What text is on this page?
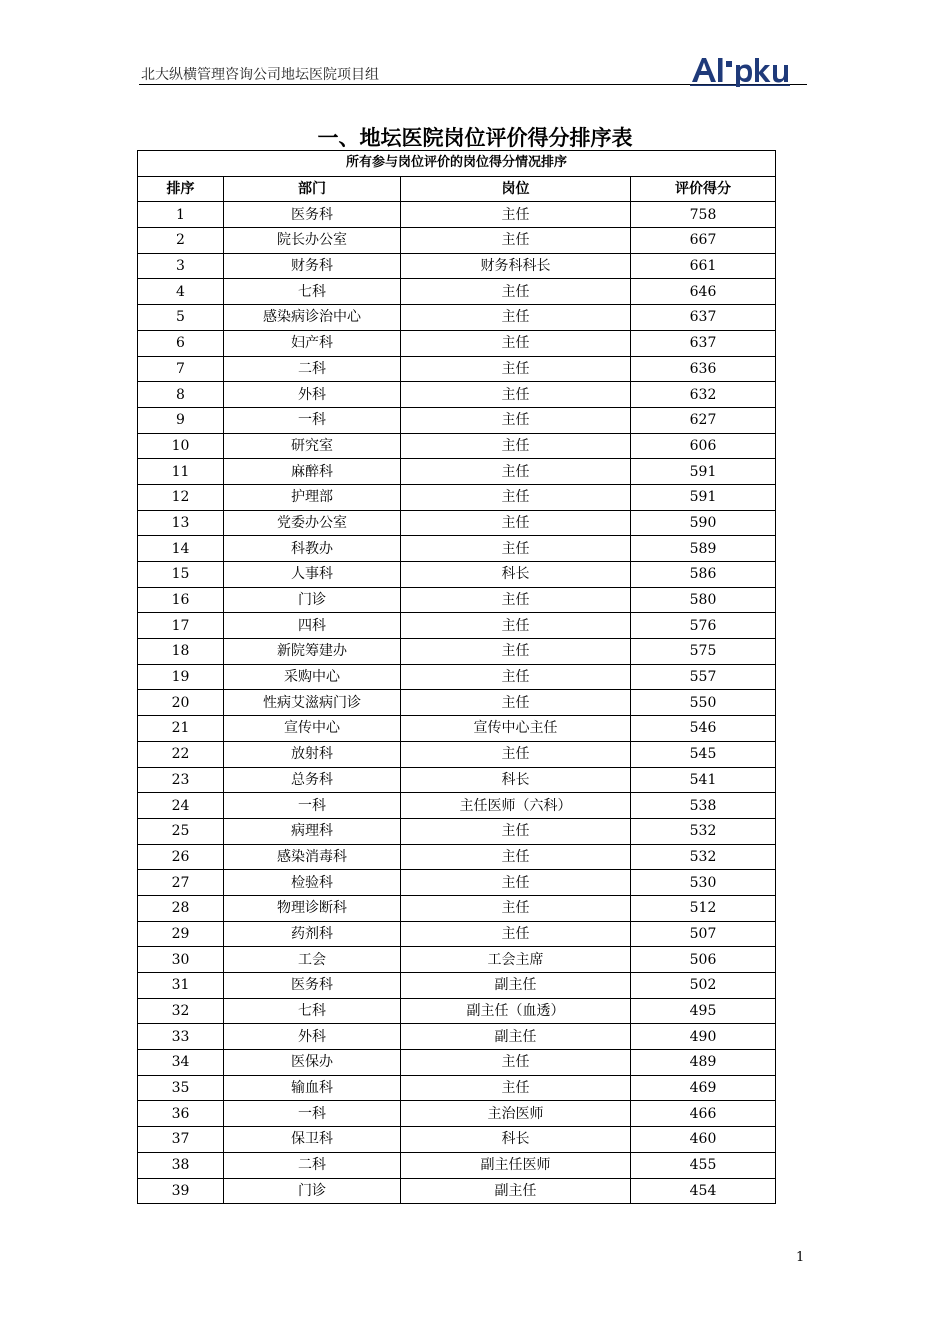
北大纵横管理咨询公司地坛医院项目组
一、地坛医院岗位评价得分排序表
所有参与岗位评价的岗位得分情况排序			
排序	部门	岗位	评价得分
1	医务科	主任	758
2	院长办公室	主任	667
3	财务科	财务科科长	661
4	七科	主任	646
5	感染病诊治中心	主任	637
6	妇产科	主任	637
7	二科	主任	636
8	外科	主任	632
9	一科	主任	627
10	研究室	主任	606
11	麻醉科	主任	591
12	护理部	主任	591
13	党委办公室	主任	590
14	科教办	主任	589
15	人事科	科长	586
16	门诊	主任	580
17	四科	主任	576
18	新院筹建办	主任	575
19	采购中心	主任	557
20	性病艾滋病门诊	主任	550
21	宣传中心	宣传中心主任	546
22	放射科	主任	545
23	总务科	科长	541
24	一科	主任医师（六科）	538
25	病理科	主任	532
26	感染消毒科	主任	532
27	检验科	主任	530
28	物理诊断科	主任	512
29	药剂科	主任	507
30	工会	工会主席	506
31	医务科	副主任	502
32	七科	副主任（血透）	495
33	外科	副主任	490
34	医保办	主任	489
35	输血科	主任	469
36	一科	主治医师	466
37	保卫科	科长	460
38	二科	副主任医师	455
39	门诊	副主任	454
1
